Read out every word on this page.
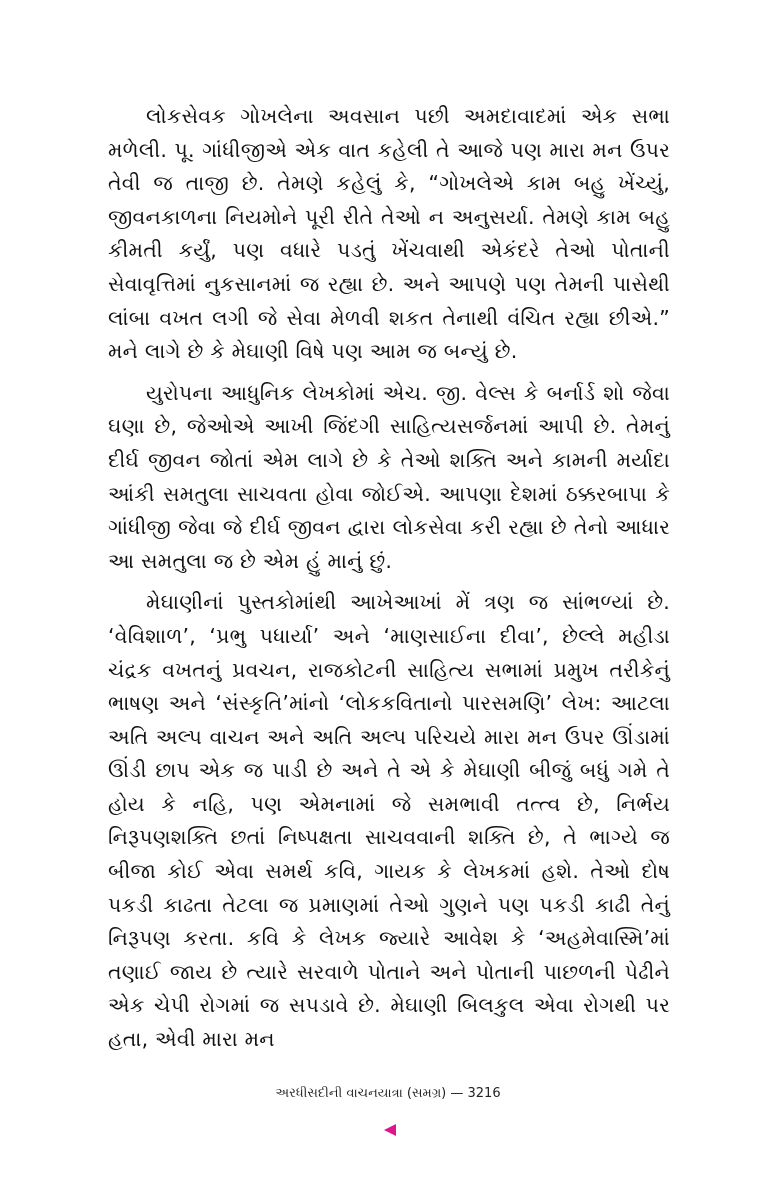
લોકસેવક ગોખલેના અવસાન પછી અમદાવાદમાં એક સભા મળેલી. પૂ. ગાંધીજીએ એક વાત કહેલી તે આજે પણ મારા મન ઉપર તેવી જ તાજી છે. તેમણે કહેલું કે, “ગોખલેએ કામ બહુ ખેંચ્યું, જીવનકાળના નિયમોને પૂરી રીતે તેઓ ન અનુસર્યા. તેમણે કામ બહુ કીમતી કર્યું, પણ વધારે પડતું ખેંચવાથી એકંદરે તેઓ પોતાની સેવાવૃત્તિમાં નુકસાનમાં જ રહ્યા છે. અને આપણે પણ તેમની પાસેથી લાંબા વખત લગી જે સેવા મેળવી શકત તેનાથી વંચિત રહ્યા છીએ.” મને લાગે છે કે મેઘાણી વિષે પણ આમ જ બન્યું છે.

યુરોપના આધુનિક લેખકોમાં એચ. જી. વેલ્સ કે બર્નાર્ડ શો જેવા ઘણા છે, જેઓએ આખી જિંદગી સાહિત્યસર્જનમાં આપી છે. તેમનું દીર્ઘ જીવન જોતાં એમ લાગે છે કે તેઓ શક્તિ અને કામની મર્યાદા આંકી સમતુલા સાચવતા હોવા જોઈએ. આપણા દેશમાં ઠક્કરબાપા કે ગાંધીજી જેવા જે દીર્ઘ જીવન દ્વારા લોકસેવા કરી રહ્યા છે તેનો આધાર આ સમતુલા જ છે એમ હું માનું છું.

મેઘાણીનાં પુસ્તકોમાંથી આખેઆખાં મેં ત્રણ જ સાંભળ્યાં છે. ‘વેવિશાળ’, ‘પ્રભુ પધાર્યા’ અને ‘માણસાઈના દીવા’, છેલ્લે મહીડા ચંદ્રક વખતનું પ્રવચન, રાજકોટની સાહિત્ય સભામાં પ્રમુખ તરીકેનું ભાષણ અને ‘સંસ્કૃતિ’માંનો ‘લોકકવિતાનો પારસમણિ’ લેખ: આટલા અતિ અલ્પ વાચન અને અતિ અલ્પ પરિચયે મારા મન ઉપર ઊંડામાં ઊંડી છાપ એક જ પાડી છે અને તે એ કે મેઘાણી બીજું બધું ગમે તે હોય કે નહિ, પણ એમનામાં જે સમભાવી તત્ત્વ છે, નિર્ભય નિરૂપણશક્તિ છતાં નિષ્પક્ષતા સાચવવાની શક્તિ છે, તે ભાગ્યે જ બીજા કોઈ એવા સમર્થ કવિ, ગાયક કે લેખકમાં હશે. તેઓ દોષ પકડી કાઢતા તેટલા જ પ્રમાણમાં તેઓ ગુણને પણ પકડી કાઢી તેનું નિરૂપણ કરતા. કવિ કે લેખક જ્યારે આવેશ કે ‘અહમેવાસ્મિ’માં તણાઈ જાય છે ત્યારે સરવાળે પોતાને અને પોતાની પાછળની પેઢીને એક ચેપી રોગમાં જ સપડાવે છે. મેઘાણી બિલકુલ એવા રોગથી પર હતા, એવી મારા મન

અરધીસદીની વાચનયાત્રા (સમગ્ર) — 3216
